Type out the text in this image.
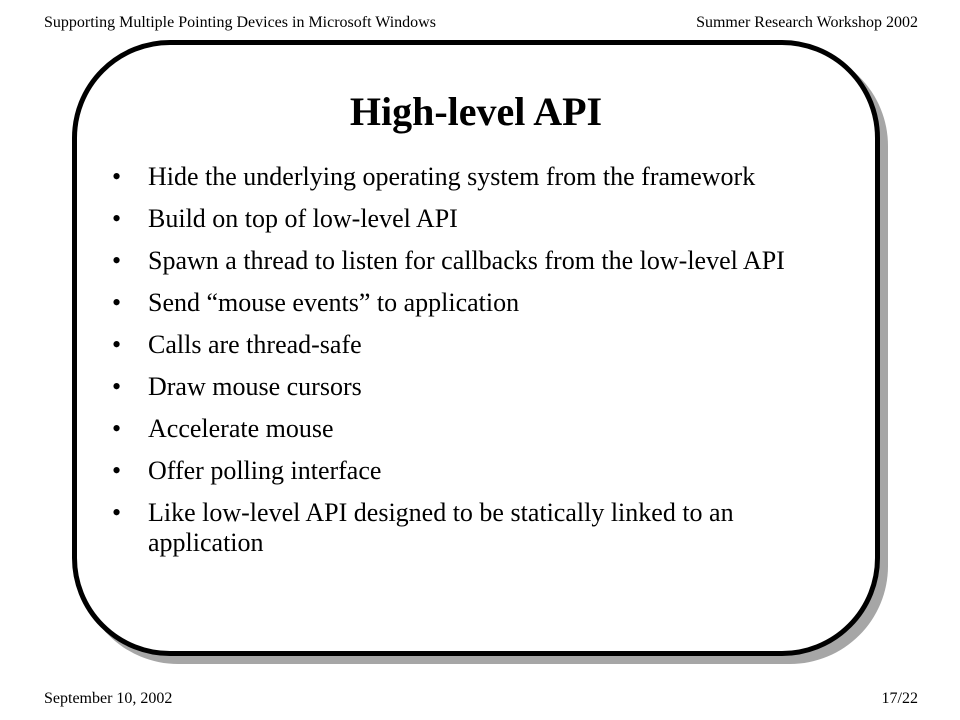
Supporting Multiple Pointing Devices in Microsoft Windows	Summer Research Workshop 2002
High-level API
• Hide the underlying operating system from the framework
• Build on top of low-level API
• Spawn a thread to listen for callbacks from the low-level API
• Send “mouse events” to application
• Calls are thread-safe
• Draw mouse cursors
• Accelerate mouse
• Offer polling interface
• Like low-level API designed to be statically linked to an application
September 10, 2002	17/22
